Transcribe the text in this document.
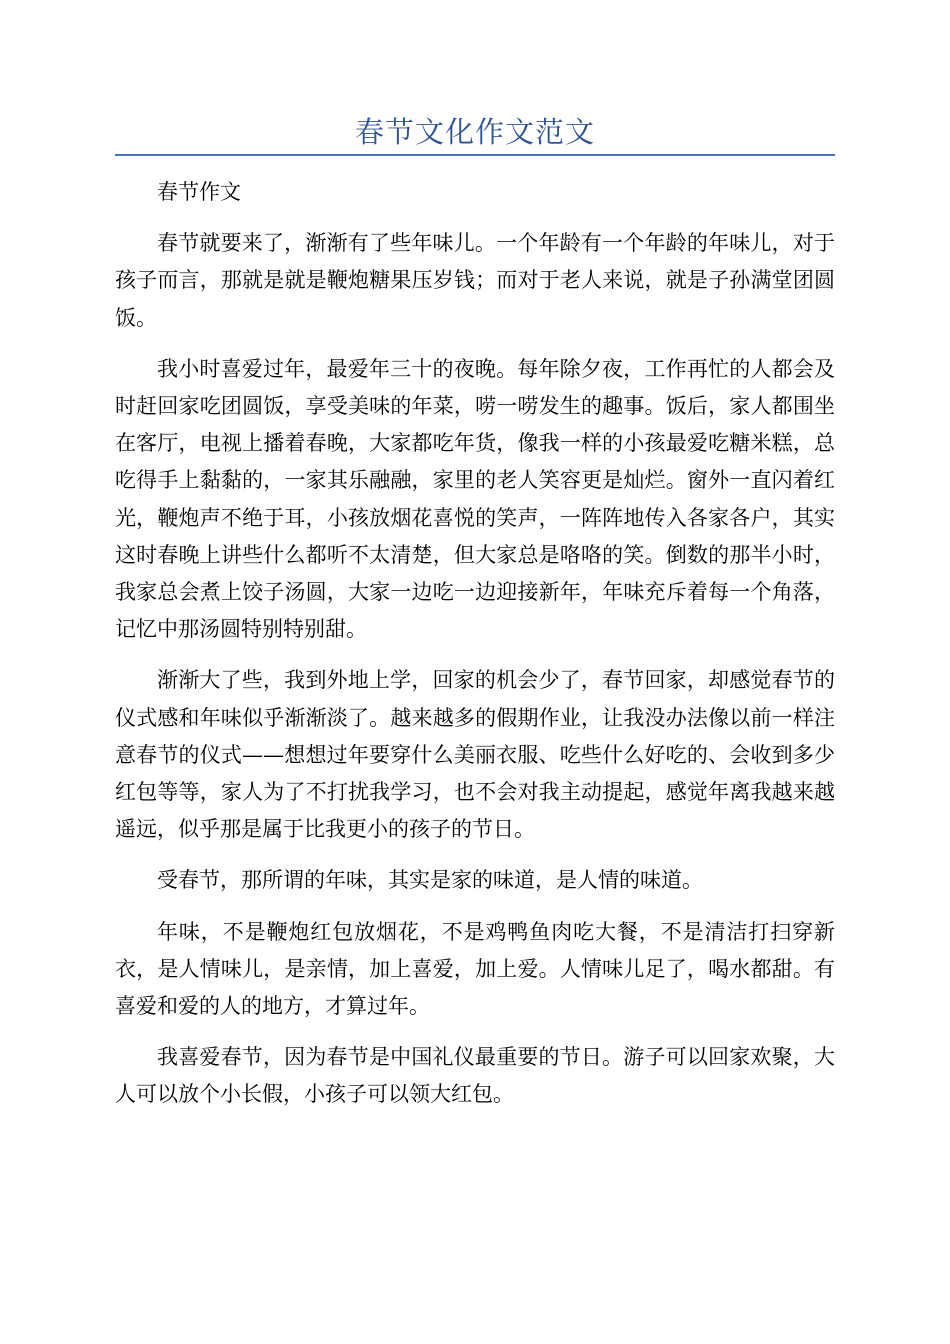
春节文化作文范文

春节作文

春节就要来了，渐渐有了些年味儿。一个年龄有一个年龄的年味儿，对于孩子而言，那就是就是鞭炮糖果压岁钱；而对于老人来说，就是子孙满堂团圆饭。

我小时喜爱过年，最爱年三十的夜晚。每年除夕夜，工作再忙的人都会及时赶回家吃团圆饭，享受美味的年菜，唠一唠发生的趣事。饭后，家人都围坐在客厅，电视上播着春晚，大家都吃年货，像我一样的小孩最爱吃糖米糕，总吃得手上黏黏的，一家其乐融融，家里的老人笑容更是灿烂。窗外一直闪着红光，鞭炮声不绝于耳，小孩放烟花喜悦的笑声，一阵阵地传入各家各户，其实这时春晚上讲些什么都听不太清楚，但大家总是咯咯的笑。倒数的那半小时，我家总会煮上饺子汤圆，大家一边吃一边迎接新年，年味充斥着每一个角落，记忆中那汤圆特别特别甜。

渐渐大了些，我到外地上学，回家的机会少了，春节回家，却感觉春节的仪式感和年味似乎渐渐淡了。越来越多的假期作业，让我没办法像以前一样注意春节的仪式——想想过年要穿什么美丽衣服、吃些什么好吃的、会收到多少红包等等，家人为了不打扰我学习，也不会对我主动提起，感觉年离我越来越遥远，似乎那是属于比我更小的孩子的节日。

受春节，那所谓的年味，其实是家的味道，是人情的味道。

年味，不是鞭炮红包放烟花，不是鸡鸭鱼肉吃大餐，不是清洁打扫穿新衣，是人情味儿，是亲情，加上喜爱，加上爱。人情味儿足了，喝水都甜。有喜爱和爱的人的地方，才算过年。

我喜爱春节，因为春节是中国礼仪最重要的节日。游子可以回家欢聚，大人可以放个小长假，小孩子可以领大红包。
